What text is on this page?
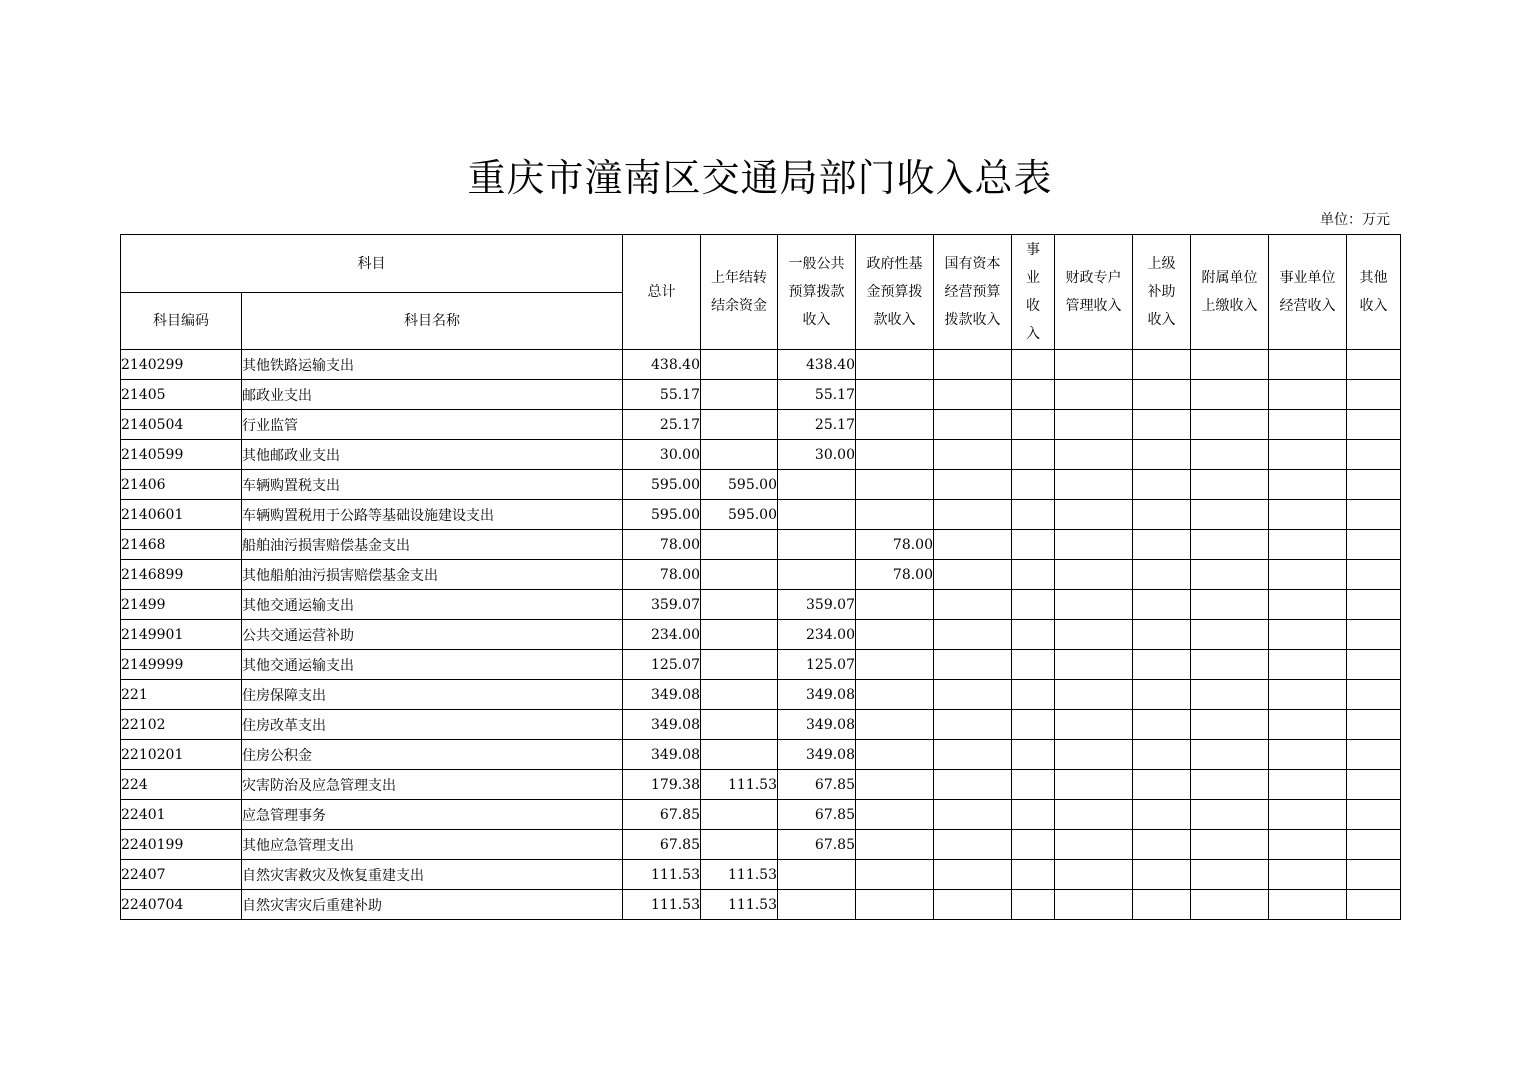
重庆市潼南区交通局部门收入总表
单位：万元
科目		总计	上年结转结余资金	一般公共预算拨款收入	政府性基金预算拨款收入	国有资本经营预算拨款收入	事业收入	财政专户管理收入	上级补助收入	附属单位上缴收入	事业单位经营收入	其他收入
科目编码	科目名称											
2140299	其他铁路运输支出	438.40		438.40								
21405	邮政业支出	55.17		55.17								
2140504	行业监管	25.17		25.17								
2140599	其他邮政业支出	30.00		30.00								
21406	车辆购置税支出	595.00	595.00									
2140601	车辆购置税用于公路等基础设施建设支出	595.00	595.00									
21468	船舶油污损害赔偿基金支出	78.00			78.00							
2146899	其他船舶油污损害赔偿基金支出	78.00			78.00							
21499	其他交通运输支出	359.07		359.07								
2149901	公共交通运营补助	234.00		234.00								
2149999	其他交通运输支出	125.07		125.07								
221	住房保障支出	349.08		349.08								
22102	住房改革支出	349.08		349.08								
2210201	住房公积金	349.08		349.08								
224	灾害防治及应急管理支出	179.38	111.53	67.85								
22401	应急管理事务	67.85		67.85								
2240199	其他应急管理支出	67.85		67.85								
22407	自然灾害救灾及恢复重建支出	111.53	111.53									
2240704	自然灾害灾后重建补助	111.53	111.53									
